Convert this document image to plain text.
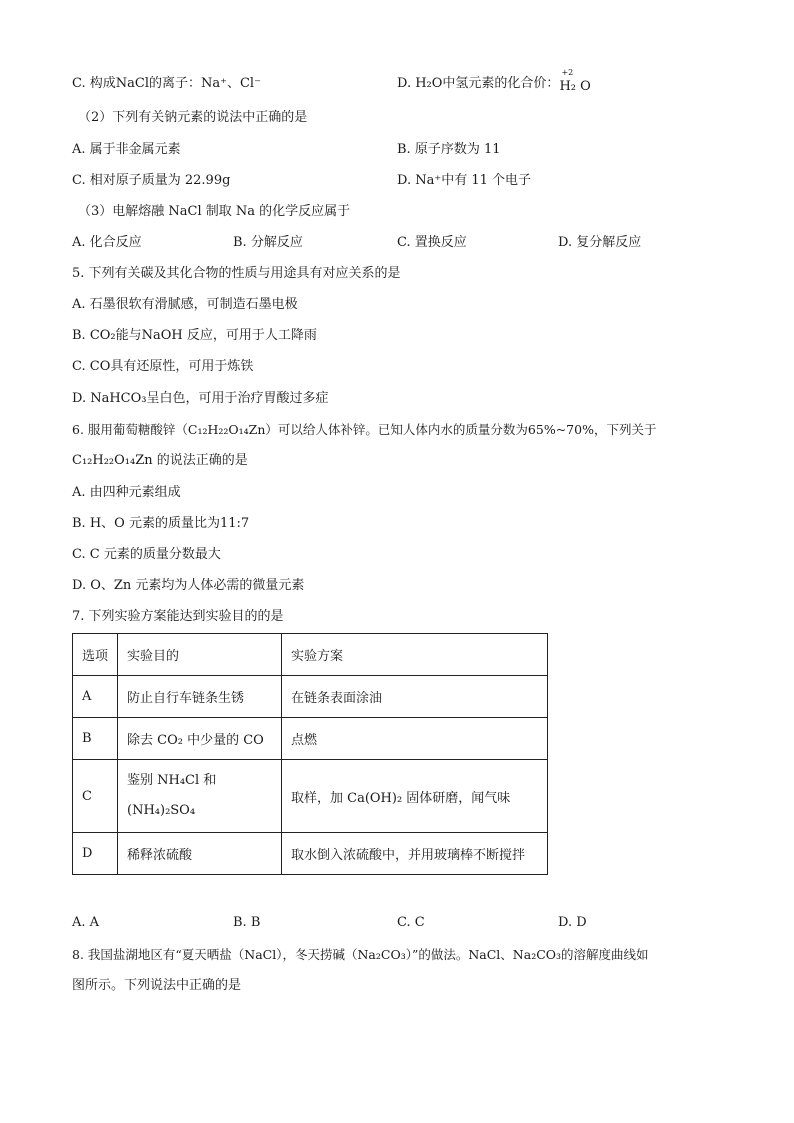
C. 构成NaCl的离子：Na⁺、Cl⁻	D. H₂O中氢元素的化合价：
+2
H₂ O
（2）下列有关钠元素的说法中正确的是
A. 属于非金属元素	B. 原子序数为 11
C. 相对原子质量为 22.99g	D. Na⁺中有 11 个电子
（3）电解熔融 NaCl 制取 Na 的化学反应属于
A. 化合反应	B. 分解反应	C. 置换反应	D. 复分解反应
5. 下列有关碳及其化合物的性质与用途具有对应关系的是
A. 石墨很软有滑腻感，可制造石墨电极
B. CO₂能与NaOH 反应，可用于人工降雨
C. CO具有还原性，可用于炼铁
D. NaHCO₃呈白色，可用于治疗胃酸过多症
6. 服用葡萄糖酸锌（C₁₂H₂₂O₁₄Zn）可以给人体补锌。已知人体内水的质量分数为65%~70%，下列关于
C₁₂H₂₂O₁₄Zn 的说法正确的是
A. 由四种元素组成
B. H、O 元素的质量比为11:7
C. C 元素的质量分数最大
D. O、Zn 元素均为人体必需的微量元素
7. 下列实验方案能达到实验目的的是
选项	实验目的	实验方案
A	防止自行车链条生锈	在链条表面涂油
B	除去 CO₂ 中少量的 CO	点燃
C	鉴别 NH₄Cl 和
(NH₄)₂SO₄	取样，加 Ca(OH)₂ 固体研磨，闻气味
D	稀释浓硫酸	取水倒入浓硫酸中，并用玻璃棒不断搅拌
A. A	B. B	C. C	D. D
8. 我国盐湖地区有“夏天晒盐（NaCl），冬天捞碱（Na₂CO₃）”的做法。NaCl、Na₂CO₃的溶解度曲线如
图所示。下列说法中正确的是
